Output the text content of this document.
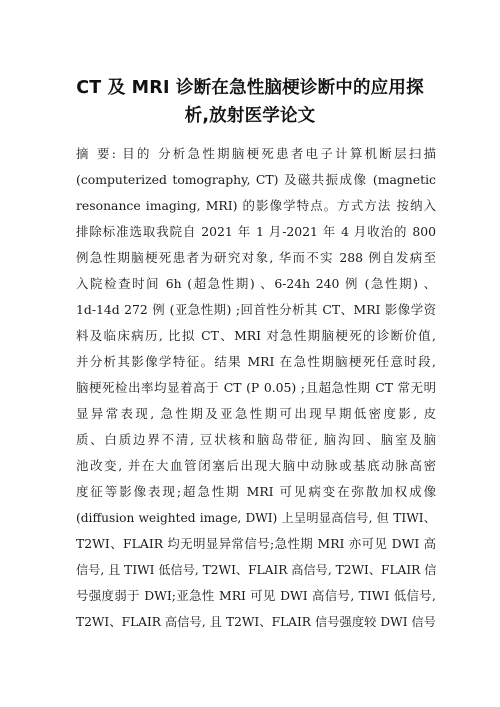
CT 及 MRI 诊断在急性脑梗诊断中的应用探
析,放射医学论文
摘 要: 目的 分析急性期脑梗死患者电子计算机断层扫描
(computerized tomography, CT) 及磁共振成像 (magnetic
resonance imaging, MRI) 的影像学特点。方式方法 按纳入
排除标准选取我院自 2021 年 1 月-2021 年 4 月收治的 800
例急性期脑梗死患者为研究对象, 华而不实 288 例自发病至
入院检查时间 6h (超急性期) 、6-24h 240 例 (急性期) 、
1d-14d 272 例 (亚急性期) ;回首性分析其 CT、MRI 影像学资
料及临床病历, 比拟 CT、MRI 对急性期脑梗死的诊断价值,
并分析其影像学特征。结果 MRI 在急性期脑梗死任意时段,
脑梗死检出率均显着高于 CT (P 0.05) ;且超急性期 CT 常无明
显异常表现, 急性期及亚急性期可出现早期低密度影, 皮
质、白质边界不清, 豆状核和脑岛带征, 脑沟回、脑室及脑
池改变, 并在大血管闭塞后出现大脑中动脉或基底动脉高密
度征等影像表现;超急性期 MRI 可见病变在弥散加权成像
(diffusion weighted image, DWI) 上呈明显高信号, 但 TIWI、
T2WI、FLAIR 均无明显异常信号;急性期 MRI 亦可见 DWI 高
信号, 且 TIWI 低信号, T2WI、FLAIR 高信号, T2WI、FLAIR 信
号强度弱于 DWI;亚急性 MRI 可见 DWI 高信号, TIWI 低信号,
T2WI、FLAIR 高信号, 且 T2WI、FLAIR 信号强度较 DWI 信号
